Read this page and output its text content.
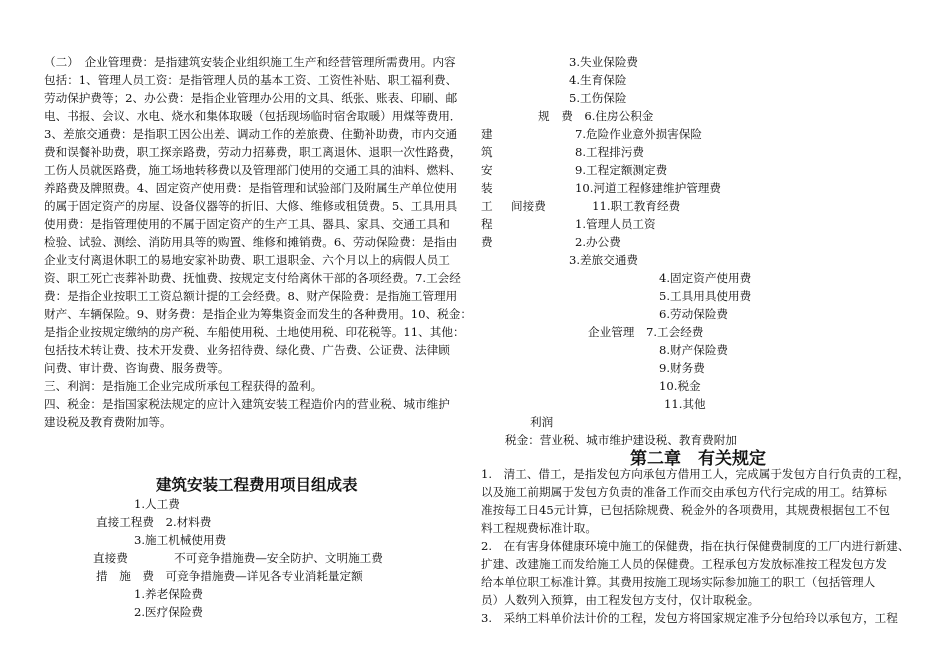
（二）　企业管理费：是指建筑安装企业组织施工生产和经营管理所需费用。内容
包括：1、管理人员工资：是指管理人员的基本工资、工资性补贴、职工福利费、
劳动保护费等；2、办公费：是指企业管理办公用的文具、纸张、账表、印刷、邮
电、书报、会议、水电、烧水和集体取暖（包括现场临时宿舍取暖）用煤等费用．
3、差旅交通费：是指职工因公出差、调动工作的差旅费、住勤补助费，市内交通
费和误餐补助费，职工探亲路费，劳动力招募费，职工离退休、退职一次性路费，
工伤人员就医路费，施工场地转移费以及管理部门使用的交通工具的油料、燃料、
养路费及牌照费。4、固定资产使用费：是指管理和试验部门及附属生产单位使用
的属于固定资产的房屋、设备仪器等的折旧、大修、维修或租赁费。5、工具用具
使用费：是指管理使用的不属于固定资产的生产工具、器具、家具、交通工具和
检验、试验、测绘、消防用具等的购置、维修和摊销费。6、劳动保险费：是指由
企业支付离退休职工的易地安家补助费、职工退职金、六个月以上的病假人员工
资、职工死亡丧葬补助费、抚恤费、按规定支付给离休干部的各项经费。7.工会经
费：是指企业按职工工资总额计提的工会经费。8、财产保险费：是指施工管理用
财产、车辆保险。9、财务费：是指企业为筹集资金而发生的各种费用。10、税金：
是指企业按规定缴纳的房产税、车船使用税、土地使用税、印花税等。11、其他：
包括技术转让费、技术开发费、业务招待费、绿化费、广告费、公证费、法律顾
问费、审计费、咨询费、服务费等。
三、利润：是指施工企业完成所承包工程获得的盈利。
四、税金：是指国家税法规定的应计入建筑安装工程造价内的营业税、城市维护
建设税及教育费附加等。
建筑安装工程费用项目组成表
1.人工费
直接工程费　2.材料费
3.施工机械使用费
直接费　　　　不可竞争措施费—安全防护、文明施工费
措　施　费　可竞争措施费—详见各专业消耗量定额
1.养老保险费
2.医疗保险费
3.失业保险费
4.生育保险
5.工伤保险
规　费　6.住房公积金
7.危险作业意外损害保险
8.工程排污费
9.工程定额测定费
10.河道工程修建维护管理费
间接费　　　　11.职工教育经费
1.管理人员工资
2.办公费
3.差旅交通费
4.固定资产使用费
5.工具用具使用费
6.劳动保险费
企业管理　7.工会经费
8.财产保险费
9.财务费
10.税金
11.其他
利润
税金：营业税、城市维护建设税、教育费附加
建筑安装工程费
第二章　有关规定
1.　清工、借工，是指发包方向承包方借用工人，完成属于发包方自行负责的工程，
以及施工前期属于发包方负责的准备工作而交由承包方代行完成的用工。结算标
准按每工日45元计算，已包括除规费、税金外的各项费用，其规费根据包工不包
料工程规费标准计取。
2.　在有害身体健康环境中施工的保健费，指在执行保健费制度的工厂内进行新建、
扩建、改建施工而发给施工人员的保健费。工程承包方发放标准按工程发包方发
给本单位职工标准计算。其费用按施工现场实际参加施工的职工（包括管理人
员）人数列入预算，由工程发包方支付，仅计取税金。
3.　采纳工料单价法计价的工程，发包方将国家规定准予分包给玲以承包方，工程
